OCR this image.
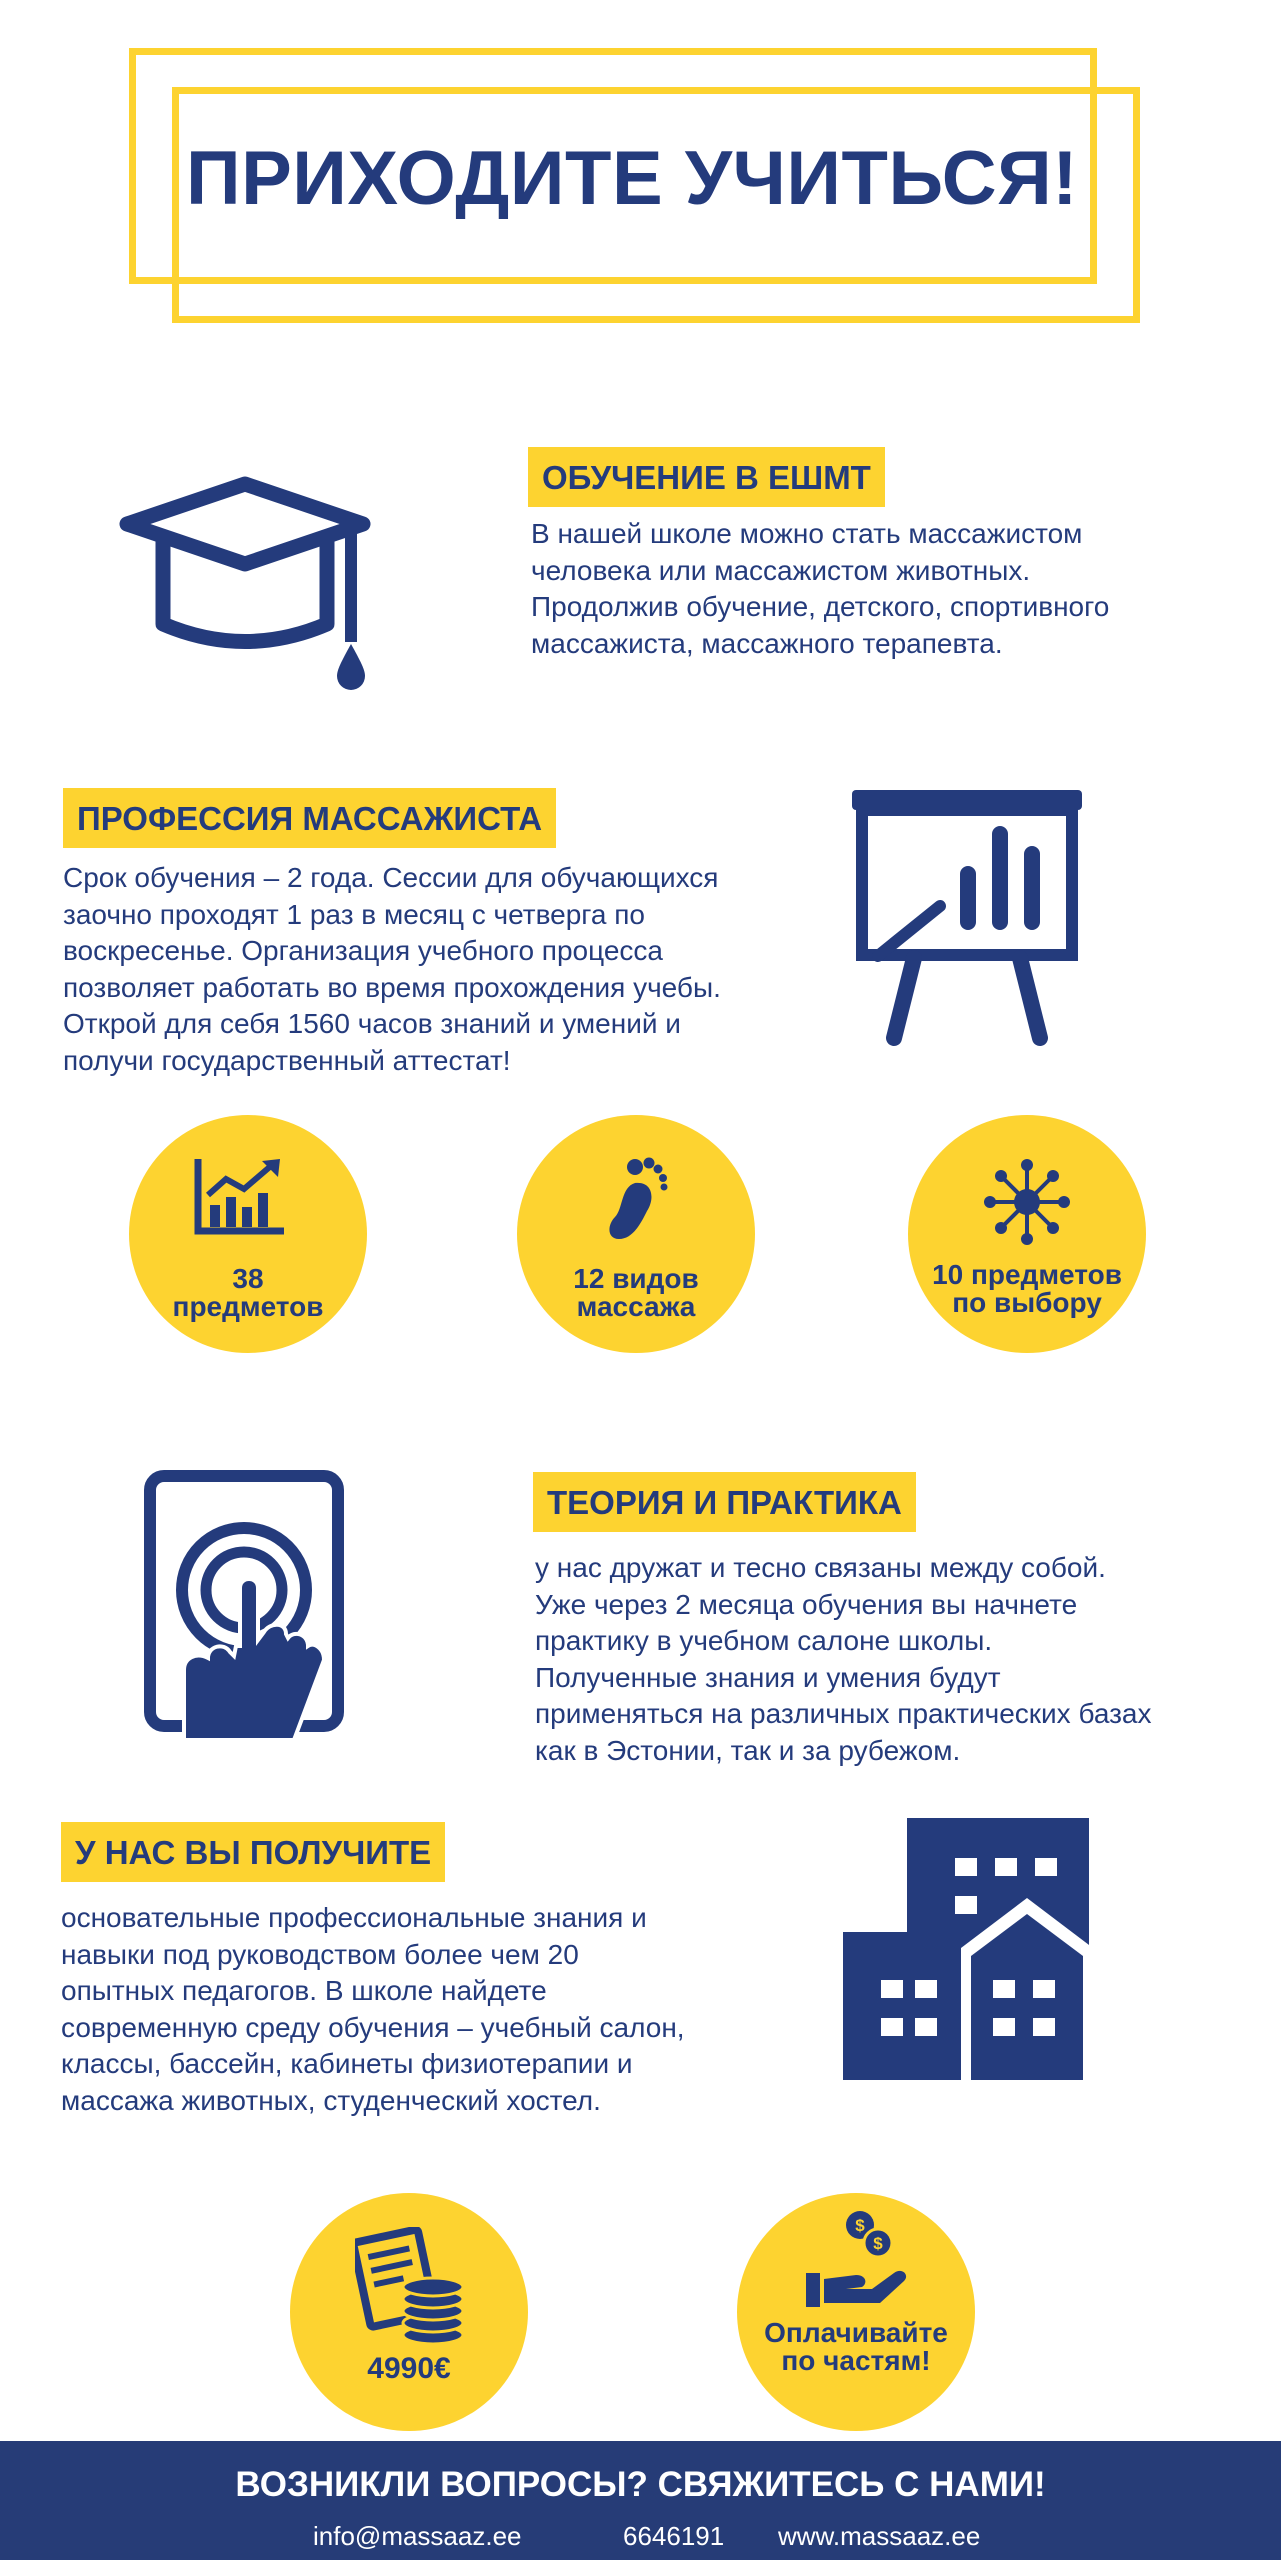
ПРИХОДИТЕ УЧИТЬСЯ!
ОБУЧЕНИЕ В ЕШМТ
В нашей школе можно стать массажистом
человека или массажистом животных.
Продолжив обучение, детского, спортивного
массажиста, массажного терапевта.
ПРОФЕССИЯ МАССАЖИСТА
Срок обучения – 2 года. Сессии для обучающихся
заочно проходят 1 раз в месяц с четверга по
воскресенье. Организация учебного процесса
позволяет работать во время прохождения учебы.
Открой для себя 1560 часов знаний и умений и
получи государственный аттестат!
38
предметов
12 видов
массажа
10 предметов
по выбору
ТЕОРИЯ И ПРАКТИКА
у нас дружат и тесно связаны между собой.
Уже через 2 месяца обучения вы начнете
практику в учебном салоне школы.
Полученные знания и умения будут
применяться на различных практических базах
как в Эстонии, так и за рубежом.
У НАС ВЫ ПОЛУЧИТЕ
основательные профессиональные знания и
навыки под руководством более чем 20
опытных педагогов. В школе найдете
современную среду обучения – учебный салон,
классы, бассейн, кабинеты физиотерапии и
массажа животных, студенческий хостел.
4990€
$
$
Оплачивайте
по частям!
ВОЗНИКЛИ ВОПРОСЫ? СВЯЖИТЕСЬ С НАМИ!
info@massaaz.ee	6646191 www.massaaz.ee
